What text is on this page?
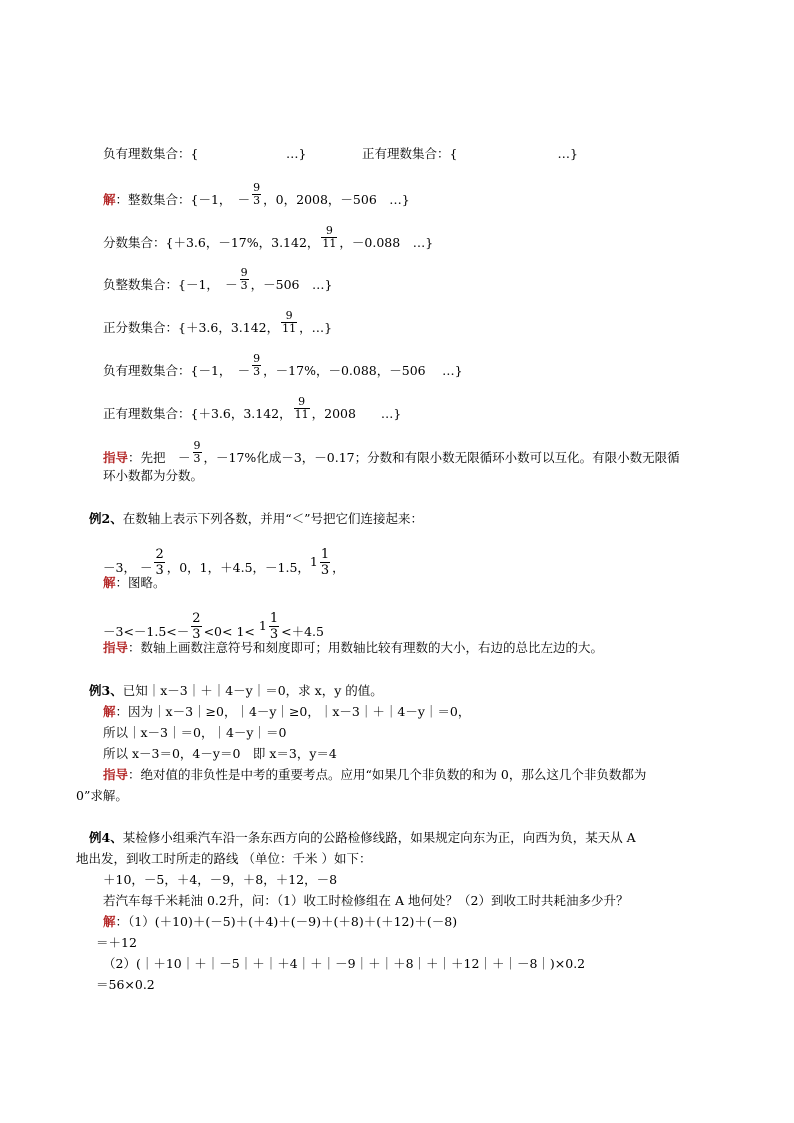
负有理数集合：{　　　　　　　…}	正有理数集合：{　　　　　　　　…}
解：整数集合：{－1，　－ $\frac{9}{3}$ ，0，2008，－506　…}
分数集合：{＋3.6，－17%，3.142， $\frac{9}{11}$ ，－0.088　…}
负整数集合：{－1，　－ $\frac{9}{3}$ ，－506　…}
正分数集合：{＋3.6，3.142， $\frac{9}{11}$ ，…}
负有理数集合：{－1，　－ $\frac{9}{3}$ ，－17%，－0.088，－506　 …}
正有理数集合：{＋3.6，3.142， $\frac{9}{11}$ ，2008　　…}
指导：先把　－ $\frac{9}{3}$ ，－17%化成－3，－0.17；分数和有限小数无限循环小数可以互化。有限小数无限循
环小数都为分数。
例2、在数轴上表示下列各数，并用“＜”号把它们连接起来：
－3， － $\frac{2}{3}$ ，0，1，＋4.5，－1.5，$1 \frac{1}{3}$ ，
解：图略。
$-3<-1.5<- \frac{2}{3} <0< 1< 1 \frac{1}{3} <+4.5$
指导：数轴上画数注意符号和刻度即可；用数轴比较有理数的大小，右边的总比左边的大。
例3、已知｜x－3｜＋｜4－y｜＝0，求 x，y 的值。
解：因为｜x－3｜≥0，｜4－y｜≥0，｜x－3｜＋｜4－y｜＝0，
所以｜x－3｜＝0，｜4－y｜＝0
所以 x－3＝0，4－y＝0　即 x＝3，y＝4
指导：绝对值的非负性是中考的重要考点。应用“如果几个非负数的和为 0，那么这几个非负数都为
0”求解。
例4、某检修小组乘汽车沿一条东西方向的公路检修线路，如果规定向东为正，向西为负，某天从 A
地出发，到收工时所走的路线 （单位：千米 ）如下：
＋10，－5，＋4，－9，＋8，＋12，－8
若汽车每千米耗油 0.2升，问：（1）收工时检修组在 A 地何处？（2）到收工时共耗油多少升？
解：（1）(＋10)＋(－5)＋(＋4)＋(－9)＋(＋8)＋(＋12)＋(－8)
＝＋12
（2）(｜＋10｜＋｜－5｜＋｜＋4｜＋｜－9｜＋｜＋8｜＋｜＋12｜＋｜－8｜)×0.2
＝56×0.2
